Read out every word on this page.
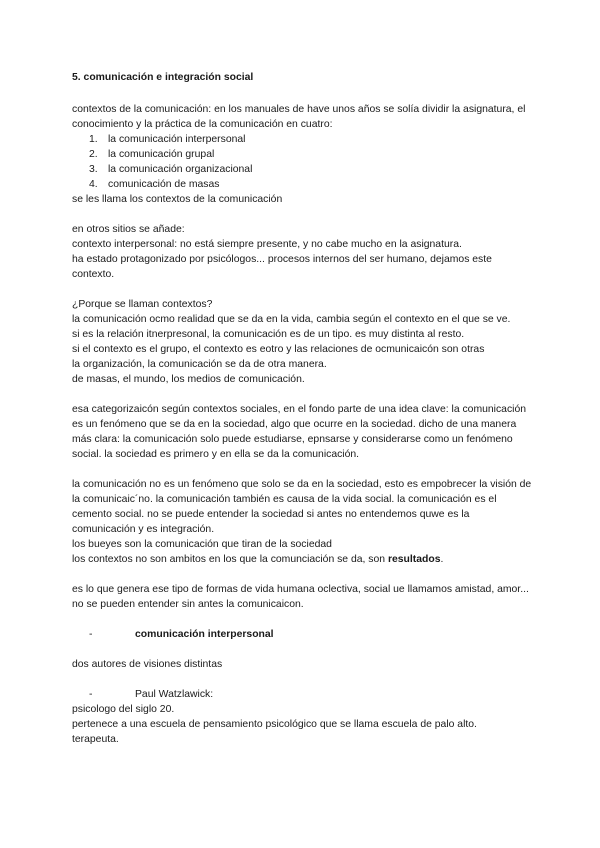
5. comunicación e integración social

contextos de la comunicación: en los manuales de have unos años se solía dividir la asignatura, el conocimiento y la práctica de la comunicación en cuatro:

1. la comunicación interpersonal
2. la comunicación grupal
3. la comunicación organizacional
4. comunicación de masas

se les llama los contextos de la comunicación

en otros sitios se añade:

contexto interpersonal: no está siempre presente, y no cabe mucho en la asignatura.

ha estado protagonizado por psicólogos... procesos internos del ser humano, dejamos este contexto.

¿Porque se llaman contextos?

la comunicación ocmo realidad que se da en la vida, cambia según el contexto en el que se ve.

si es la relación itnerpresonal, la comunicación es de un tipo. es muy distinta al resto.

si el contexto es el grupo, el contexto es eotro y las relaciones de ocmunicaicón son otras

la organización, la comunicación se da de otra manera.

de masas, el mundo, los medios de comunicación.

esa categorizaicón según contextos sociales, en el fondo parte de una idea clave: la comunicación es un fenómeno que se da en la sociedad, algo que ocurre en la sociedad. dicho de una manera más clara: la comunicación solo puede estudiarse, epnsarse y considerarse como un fenómeno social. la sociedad es primero y en ella se da la comunicación.

la comunicación no es un fenómeno que solo se da en la sociedad, esto es empobrecer la visión de la comunicaic´no. la comunicación también es causa de la vida social. la comunicación es el cemento social. no se puede entender la sociedad si antes no entendemos quwe es la comunicación y es integración.

los bueyes son la comunicación que tiran de la sociedad

los contextos no son ambitos en los que la comunciación se da, son resultados.

es lo que genera ese tipo de formas de vida humana oclectiva, social ue llamamos amistad, amor...

no se pueden entender sin antes la comunicaicon.

-	comunicación interpersonal

dos autores de visiones distintas

-	Paul Watzlawick:

psicologo del siglo 20.

pertenece a una escuela de pensamiento psicológico que se llama escuela de palo alto.

terapeuta.
